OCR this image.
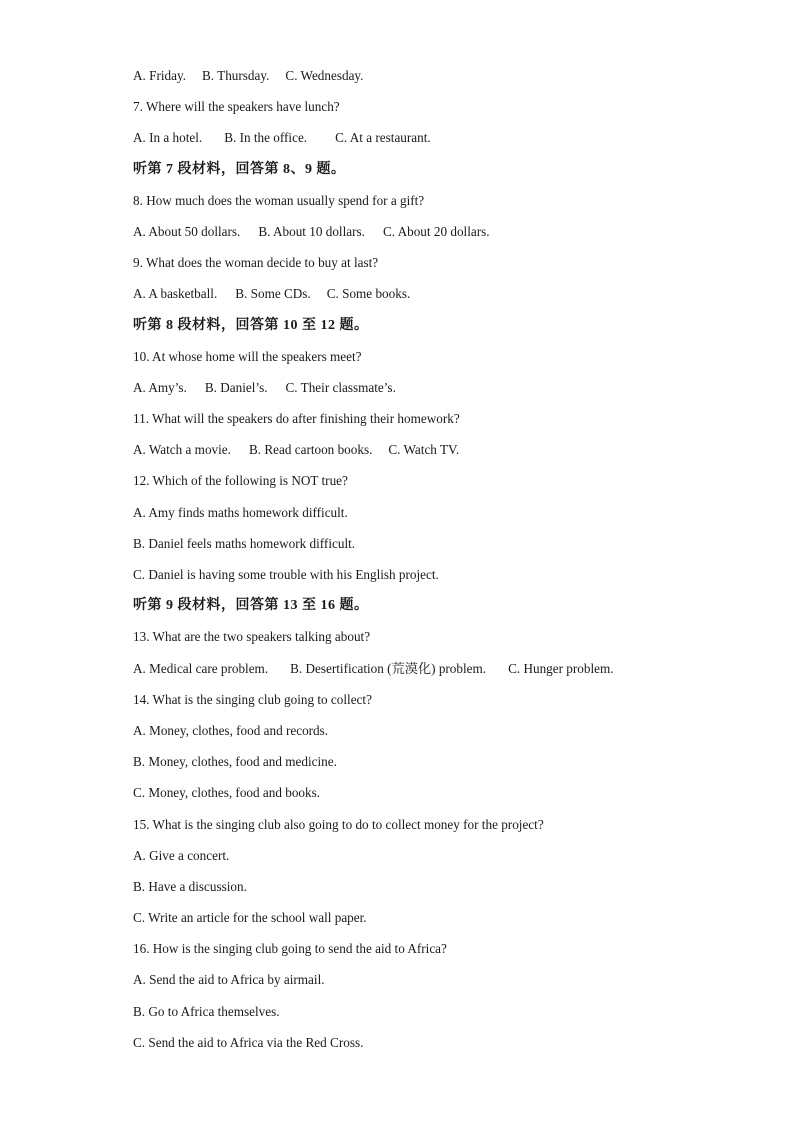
A. Friday. B. Thursday. C. Wednesday.
7. Where will the speakers have lunch?
A. In a hotel. B. In the office. C. At a restaurant.
听第 7 段材料，回答第 8、9 题。
8. How much does the woman usually spend for a gift?
A. About 50 dollars. B. About 10 dollars. C. About 20 dollars.
9. What does the woman decide to buy at last?
A. A basketball. B. Some CDs. C. Some books.
听第 8 段材料，回答第 10 至 12 题。
10. At whose home will the speakers meet?
A. Amy’s. B. Daniel’s. C. Their classmate’s.
11. What will the speakers do after finishing their homework?
A. Watch a movie. B. Read cartoon books. C. Watch TV.
12. Which of the following is NOT true?
A. Amy finds maths homework difficult.
B. Daniel feels maths homework difficult.
C. Daniel is having some trouble with his English project.
听第 9 段材料，回答第 13 至 16 题。
13. What are the two speakers talking about?
A. Medical care problem. B. Desertification (荒漠化) problem. C. Hunger problem.
14. What is the singing club going to collect?
A. Money, clothes, food and records.
B. Money, clothes, food and medicine.
C. Money, clothes, food and books.
15. What is the singing club also going to do to collect money for the project?
A. Give a concert.
B. Have a discussion.
C. Write an article for the school wall paper.
16. How is the singing club going to send the aid to Africa?
A. Send the aid to Africa by airmail.
B. Go to Africa themselves.
C. Send the aid to Africa via the Red Cross.
